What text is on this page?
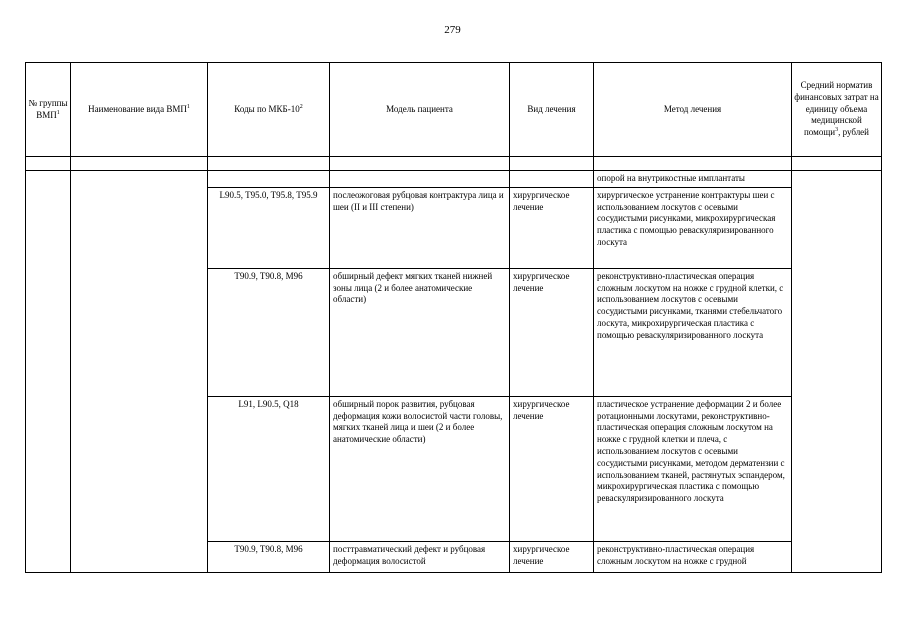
279
№ группы ВМП$^1$	Наименование вида ВМП$^1$	Коды по МКБ-$10^2$	Модель пациента	Вид лечения	Метод лечения	Средний норматив финансовых затрат на единицу объема медицинской помощи$^3$, рублей

					опорой на внутрикостные имплантаты	
		L90.5, T95.0, T95.8, T95.9	послеожоговая рубцовая контрактура лица и шеи (II и III степени)	хирургическое лечение	хирургическое устранение контрактуры шеи с использованием лоскутов с осевыми сосудистыми рисунками, микрохирургическая пластика с помощью реваскуляризированного лоскута	
		T90.9, T90.8, M96	обширный дефект мягких тканей нижней зоны лица (2 и более анатомические области)	хирургическое лечение	реконструктивно-пластическая операция сложным лоскутом на ножке с грудной клетки, с использованием лоскутов с осевыми сосудистыми рисунками, тканями стебельчатого лоскута, микрохирургическая пластика с помощью реваскуляризированного лоскута	
		L91, L90.5, Q18	обширный порок развития, рубцовая деформация кожи волосистой части головы, мягких тканей лица и шеи (2 и более анатомические области)	хирургическое лечение	пластическое устранение деформации 2 и более ротационными лоскутами, реконструктивно-пластическая операция сложным лоскутом на ножке с грудной клетки и плеча, с использованием лоскутов с осевыми сосудистыми рисунками, методом дерматензии с использованием тканей, растянутых эспандером, микрохирургическая пластика с помощью реваскуляризированного лоскута	
		T90.9, T90.8, M96	посттравматический дефект и рубцовая деформация волосистой	хирургическое лечение	реконструктивно-пластическая операция сложным лоскутом на ножке с грудной	
